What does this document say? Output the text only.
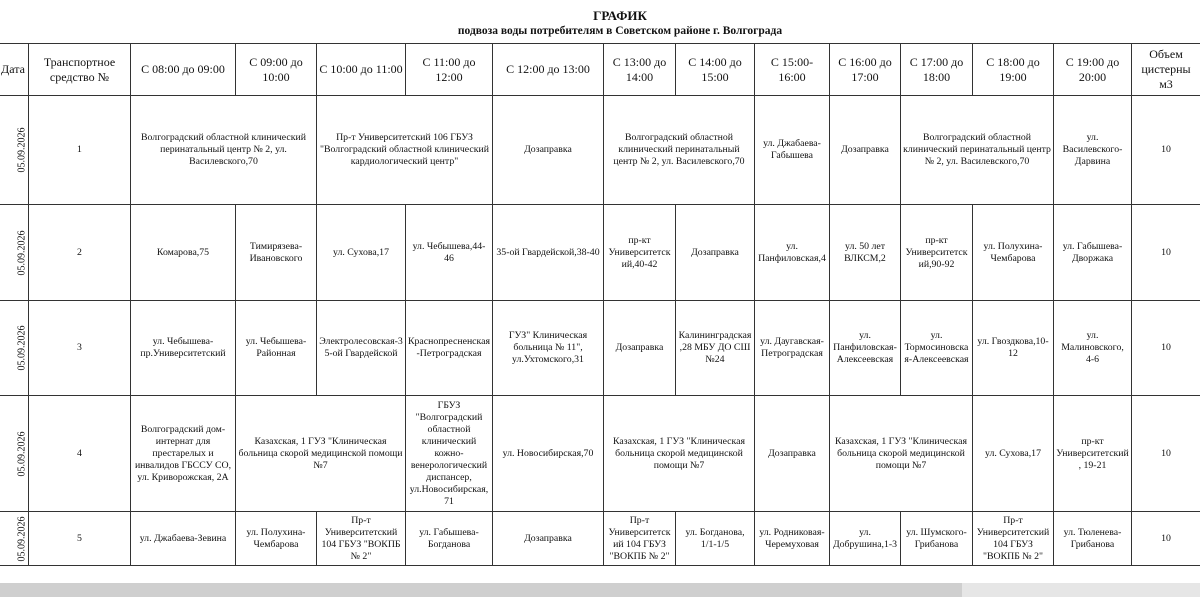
ГРАФИК
подвоза воды потребителям в Советском районе г. Волгограда
Дата	Транспортное средство №	С 08:00 до 09:00	С 09:00 до 10:00	С 10:00 до 11:00	С 11:00 до 12:00	С 12:00 до 13:00	С 13:00 до 14:00	С 14:00 до 15:00	С 15:00- 16:00	С 16:00 до 17:00	С 17:00 до 18:00	С 18:00 до 19:00	С 19:00 до 20:00	Объем цистерны м3
05.09.2026	1	Волгоградский областной клинический перинатальный центр № 2, ул. Василевского,70		Пр-т Университетский 106 ГБУЗ "Волгоградский областной клинический кардиологический центр"		Дозаправка	Волгоградский областной клинический перинатальный центр № 2, ул. Василевского,70		ул. Джабаева-Габышева	Дозаправка	Волгоградский областной клинический перинатальный центр № 2, ул. Василевского,70		ул. Василевского-Дарвина	10
05.09.2026	2	Комарова,75	Тимирязева-Ивановского	ул. Сухова,17	ул. Чебышева,44-46	35-ой Гвардейской,38-40	пр-кт Университетский,40-42	Дозаправка	ул. Панфиловская,4	ул. 50 лет ВЛКСМ,2	пр-кт Университетский,90-92	ул. Полухина-Чембарова	ул. Габышева-Дворжака	10
05.09.2026	3	ул. Чебышева-пр.Университетский	ул. Чебышева-Районная	Электролесовская-35-ой Гвардейской	Краснопресненская-Петроградская	ГУЗ" Клиническая больница № 11", ул.Ухтомского,31	Дозаправка	Калининградская,28 МБУ ДО СШ №24	ул. Даугавская-Петроградская	ул. Панфиловская-Алексеевская	ул. Тормосиновская-Алексеевская	ул. Гвоздкова,10-12	ул. Малиновского, 4-6	10
05.09.2026	4	Волгоградский дом-интернат для престарелых и инвалидов ГБССУ СО, ул. Криворожская, 2А	Казахская, 1 ГУЗ "Клиническая больница скорой медицинской помощи №7		ГБУЗ "Волгоградский областной клинический кожно-венерологический диспансер, ул.Новосибирская,71	ул. Новосибирская,70	Казахская, 1 ГУЗ "Клиническая больница скорой медицинской помощи №7		Дозаправка	Казахская, 1 ГУЗ "Клиническая больница скорой медицинской помощи №7		ул. Сухова,17	пр-кт Университетский, 19-21	10
05.09.2026	5	ул. Джабаева-Зевина	ул. Полухина-Чембарова	Пр-т Университетский 104 ГБУЗ "ВОКПБ № 2"	ул. Габышева-Богданова	Дозаправка	Пр-т Университетский 104 ГБУЗ "ВОКПБ № 2"	ул. Богданова, 1/1-1/5	ул. Родниковая-Черемуховая	ул. Добрушина,1-3	ул. Шумского-Грибанова	Пр-т Университетский 104 ГБУЗ "ВОКПБ № 2"	ул. Тюленева-Грибанова	10
